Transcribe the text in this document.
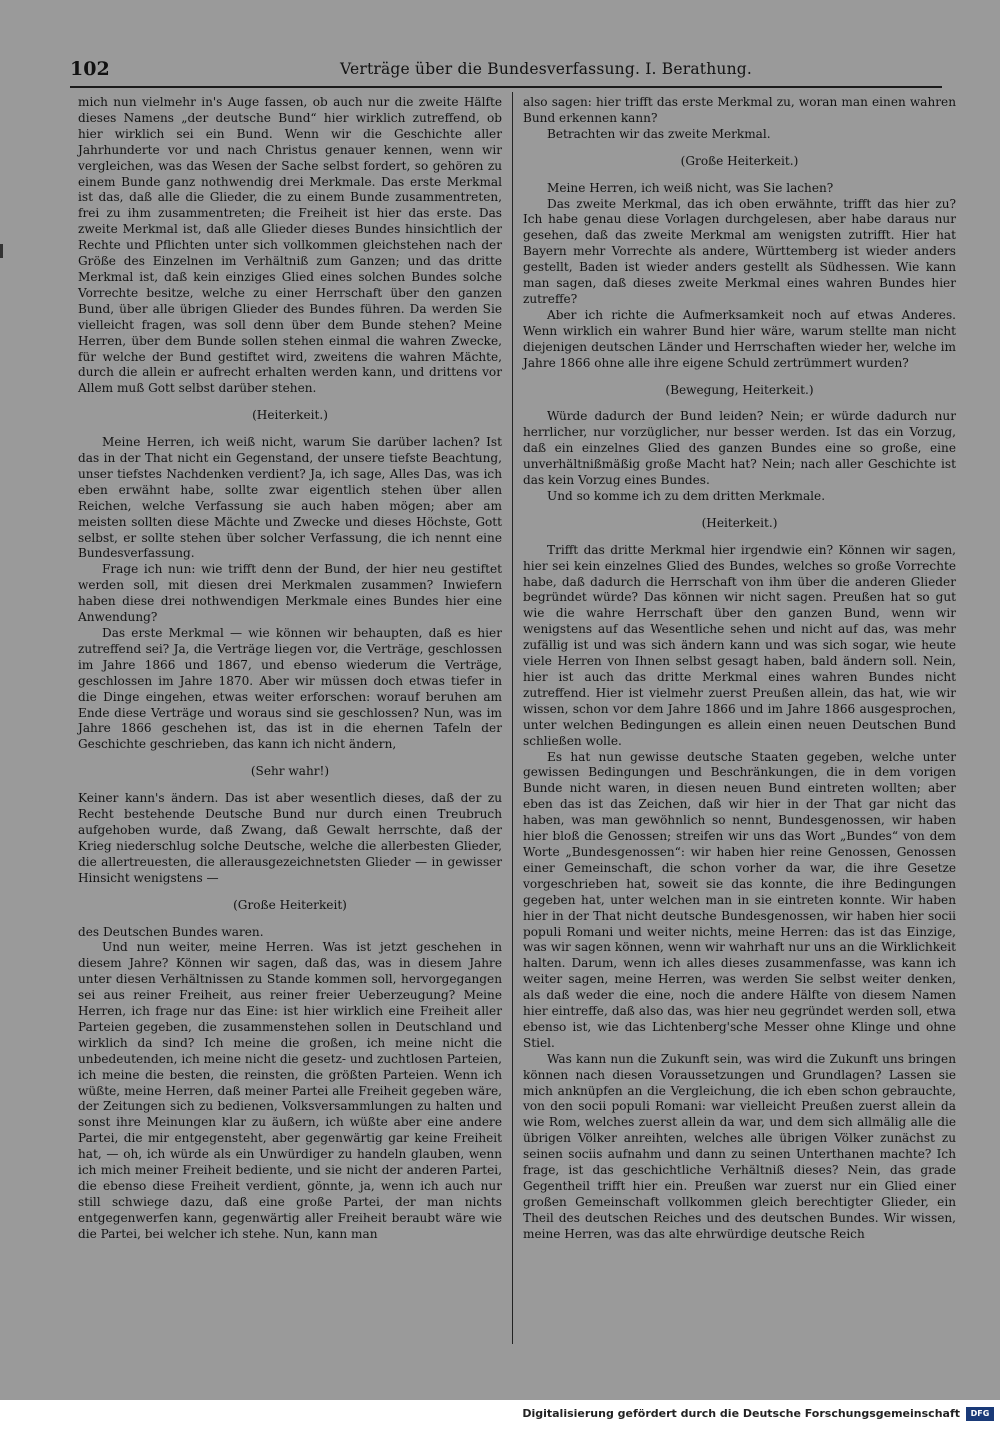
102	Verträge über die Bundesverfassung. I. Berathung.

mich nun vielmehr in's Auge fassen, ob auch nur die zweite Hälfte dieses Namens „der deutsche Bund“ hier wirklich zutreffend, ob hier wirklich sei ein Bund. Wenn wir die Geschichte aller Jahrhunderte vor und nach Christus genauer kennen, wenn wir vergleichen, was das Wesen der Sache selbst fordert, so gehören zu einem Bunde ganz nothwendig drei Merkmale. Das erste Merkmal ist das, daß alle die Glieder, die zu einem Bunde zusammentreten, frei zu ihm zusammentreten; die Freiheit ist hier das erste. Das zweite Merkmal ist, daß alle Glieder dieses Bundes hinsichtlich der Rechte und Pflichten unter sich vollkommen gleichstehen nach der Größe des Einzelnen im Verhältniß zum Ganzen; und das dritte Merkmal ist, daß kein einziges Glied eines solchen Bundes solche Vorrechte besitze, welche zu einer Herrschaft über den ganzen Bund, über alle übrigen Glieder des Bundes führen. Da werden Sie vielleicht fragen, was soll denn über dem Bunde stehen? Meine Herren, über dem Bunde sollen stehen einmal die wahren Zwecke, für welche der Bund gestiftet wird, zweitens die wahren Mächte, durch die allein er aufrecht erhalten werden kann, und drittens vor Allem muß Gott selbst darüber stehen.

(Heiterkeit.)

Meine Herren, ich weiß nicht, warum Sie darüber lachen? Ist das in der That nicht ein Gegenstand, der unsere tiefste Beachtung, unser tiefstes Nachdenken verdient? Ja, ich sage, Alles Das, was ich eben erwähnt habe, sollte zwar eigentlich stehen über allen Reichen, welche Verfassung sie auch haben mögen; aber am meisten sollten diese Mächte und Zwecke und dieses Höchste, Gott selbst, er sollte stehen über solcher Verfassung, die ich nennt eine Bundesverfassung.

Frage ich nun: wie trifft denn der Bund, der hier neu gestiftet werden soll, mit diesen drei Merkmalen zusammen? Inwiefern haben diese drei nothwendigen Merkmale eines Bundes hier eine Anwendung?

Das erste Merkmal — wie können wir behaupten, daß es hier zutreffend sei? Ja, die Verträge liegen vor, die Verträge, geschlossen im Jahre 1866 und 1867, und ebenso wiederum die Verträge, geschlossen im Jahre 1870. Aber wir müssen doch etwas tiefer in die Dinge eingehen, etwas weiter erforschen: worauf beruhen am Ende diese Verträge und woraus sind sie geschlossen? Nun, was im Jahre 1866 geschehen ist, das ist in die ehernen Tafeln der Geschichte geschrieben, das kann ich nicht ändern,

(Sehr wahr!)

Keiner kann's ändern. Das ist aber wesentlich dieses, daß der zu Recht bestehende Deutsche Bund nur durch einen Treubruch aufgehoben wurde, daß Zwang, daß Gewalt herrschte, daß der Krieg niederschlug solche Deutsche, welche die allerbesten Glieder, die allertreuesten, die allerausgezeichnetsten Glieder — in gewisser Hinsicht wenigstens —

(Große Heiterkeit)

des Deutschen Bundes waren.

Und nun weiter, meine Herren. Was ist jetzt geschehen in diesem Jahre? Können wir sagen, daß das, was in diesem Jahre unter diesen Verhältnissen zu Stande kommen soll, hervorgegangen sei aus reiner Freiheit, aus reiner freier Ueberzeugung? Meine Herren, ich frage nur das Eine: ist hier wirklich eine Freiheit aller Parteien gegeben, die zusammenstehen sollen in Deutschland und wirklich da sind? Ich meine die großen, ich meine nicht die unbedeutenden, ich meine nicht die gesetz- und zuchtlosen Parteien, ich meine die besten, die reinsten, die größten Parteien. Wenn ich wüßte, meine Herren, daß meiner Partei alle Freiheit gegeben wäre, der Zeitungen sich zu bedienen, Volksversammlungen zu halten und sonst ihre Meinungen klar zu äußern, ich wüßte aber eine andere Partei, die mir entgegensteht, aber gegenwärtig gar keine Freiheit hat, — oh, ich würde als ein Unwürdiger zu handeln glauben, wenn ich mich meiner Freiheit bediente, und sie nicht der anderen Partei, die ebenso diese Freiheit verdient, gönnte, ja, wenn ich auch nur still schwiege dazu, daß eine große Partei, der man nichts entgegenwerfen kann, gegenwärtig aller Freiheit beraubt wäre wie die Partei, bei welcher ich stehe. Nun, kann man

also sagen: hier trifft das erste Merkmal zu, woran man einen wahren Bund erkennen kann?

Betrachten wir das zweite Merkmal.

(Große Heiterkeit.)

Meine Herren, ich weiß nicht, was Sie lachen?

Das zweite Merkmal, das ich oben erwähnte, trifft das hier zu? Ich habe genau diese Vorlagen durchgelesen, aber habe daraus nur gesehen, daß das zweite Merkmal am wenigsten zutrifft. Hier hat Bayern mehr Vorrechte als andere, Württemberg ist wieder anders gestellt, Baden ist wieder anders gestellt als Südhessen. Wie kann man sagen, daß dieses zweite Merkmal eines wahren Bundes hier zutreffe?

Aber ich richte die Aufmerksamkeit noch auf etwas Anderes. Wenn wirklich ein wahrer Bund hier wäre, warum stellte man nicht diejenigen deutschen Länder und Herrschaften wieder her, welche im Jahre 1866 ohne alle ihre eigene Schuld zertrümmert wurden?

(Bewegung, Heiterkeit.)

Würde dadurch der Bund leiden? Nein; er würde dadurch nur herrlicher, nur vorzüglicher, nur besser werden. Ist das ein Vorzug, daß ein einzelnes Glied des ganzen Bundes eine so große, eine unverhältnißmäßig große Macht hat? Nein; nach aller Geschichte ist das kein Vorzug eines Bundes.

Und so komme ich zu dem dritten Merkmale.

(Heiterkeit.)

Trifft das dritte Merkmal hier irgendwie ein? Können wir sagen, hier sei kein einzelnes Glied des Bundes, welches so große Vorrechte habe, daß dadurch die Herrschaft von ihm über die anderen Glieder begründet würde? Das können wir nicht sagen. Preußen hat so gut wie die wahre Herrschaft über den ganzen Bund, wenn wir wenigstens auf das Wesentliche sehen und nicht auf das, was mehr zufällig ist und was sich ändern kann und was sich sogar, wie heute viele Herren von Ihnen selbst gesagt haben, bald ändern soll. Nein, hier ist auch das dritte Merkmal eines wahren Bundes nicht zutreffend. Hier ist vielmehr zuerst Preußen allein, das hat, wie wir wissen, schon vor dem Jahre 1866 und im Jahre 1866 ausgesprochen, unter welchen Bedingungen es allein einen neuen Deutschen Bund schließen wolle.

Es hat nun gewisse deutsche Staaten gegeben, welche unter gewissen Bedingungen und Beschränkungen, die in dem vorigen Bunde nicht waren, in diesen neuen Bund eintreten wollten; aber eben das ist das Zeichen, daß wir hier in der That gar nicht das haben, was man gewöhnlich so nennt, Bundesgenossen, wir haben hier bloß die Genossen; streifen wir uns das Wort „Bundes“ von dem Worte „Bundesgenossen“: wir haben hier reine Genossen, Genossen einer Gemeinschaft, die schon vorher da war, die ihre Gesetze vorgeschrieben hat, soweit sie das konnte, die ihre Bedingungen gegeben hat, unter welchen man in sie eintreten konnte. Wir haben hier in der That nicht deutsche Bundesgenossen, wir haben hier socii populi Romani und weiter nichts, meine Herren: das ist das Einzige, was wir sagen können, wenn wir wahrhaft nur uns an die Wirklichkeit halten. Darum, wenn ich alles dieses zusammenfasse, was kann ich weiter sagen, meine Herren, was werden Sie selbst weiter denken, als daß weder die eine, noch die andere Hälfte von diesem Namen hier eintreffe, daß also das, was hier neu gegründet werden soll, etwa ebenso ist, wie das Lichtenberg'sche Messer ohne Klinge und ohne Stiel.

Was kann nun die Zukunft sein, was wird die Zukunft uns bringen können nach diesen Voraussetzungen und Grundlagen? Lassen sie mich anknüpfen an die Vergleichung, die ich eben schon gebrauchte, von den socii populi Romani: war vielleicht Preußen zuerst allein da wie Rom, welches zuerst allein da war, und dem sich allmälig alle die übrigen Völker anreihten, welches alle übrigen Völker zunächst zu seinen sociis aufnahm und dann zu seinen Unterthanen machte? Ich frage, ist das geschichtliche Verhältniß dieses? Nein, das grade Gegentheil trifft hier ein. Preußen war zuerst nur ein Glied einer großen Gemeinschaft vollkommen gleich berechtigter Glieder, ein Theil des deutschen Reiches und des deutschen Bundes. Wir wissen, meine Herren, was das alte ehrwürdige deutsche Reich

Digitalisierung gefördert durch die Deutsche Forschungsgemeinschaft	DFG
